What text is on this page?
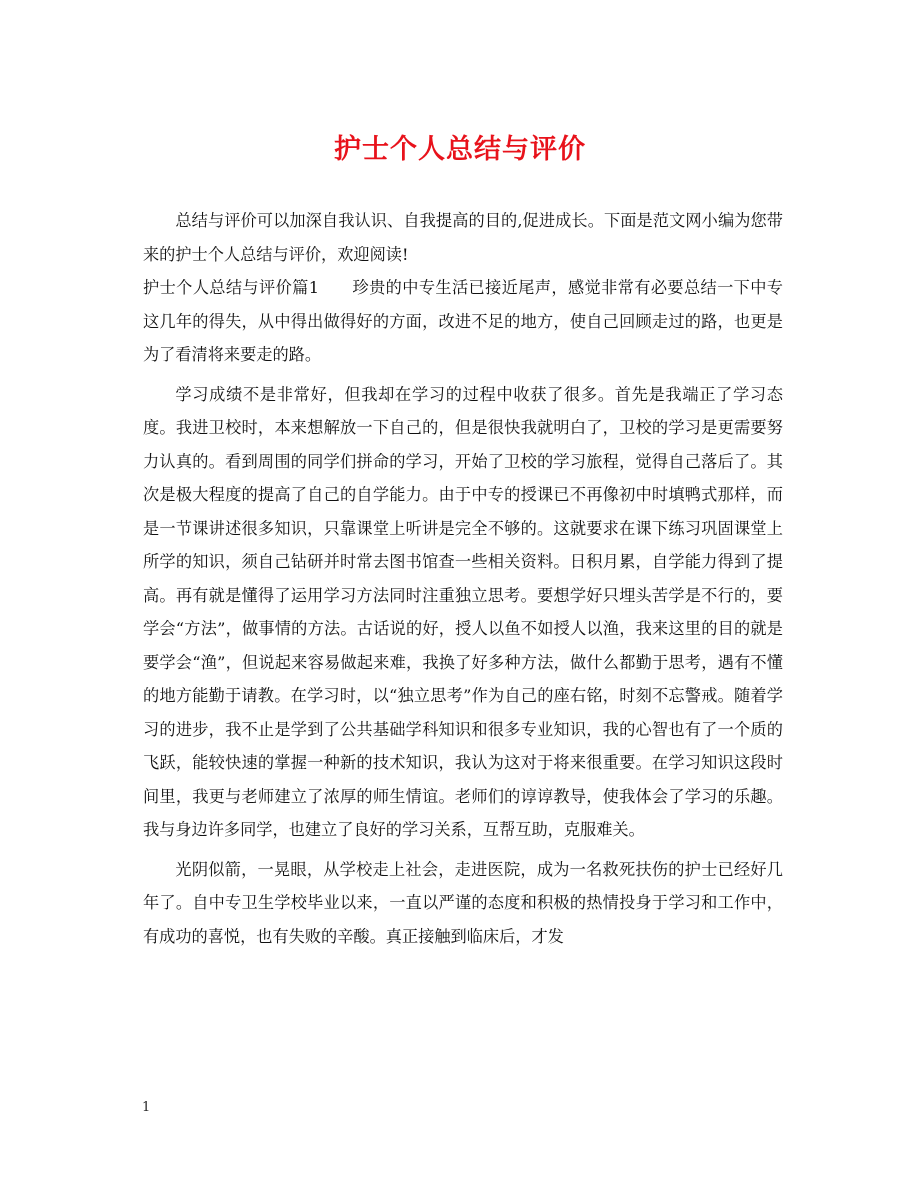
护士个人总结与评价

总结与评价可以加深自我认识、自我提高的目的,促进成长。下面是范文网小编为您带来的护士个人总结与评价，欢迎阅读!

护士个人总结与评价篇1　　珍贵的中专生活已接近尾声，感觉非常有必要总结一下中专这几年的得失，从中得出做得好的方面，改进不足的地方，使自己回顾走过的路，也更是为了看清将来要走的路。

学习成绩不是非常好，但我却在学习的过程中收获了很多。首先是我端正了学习态度。我进卫校时，本来想解放一下自己的，但是很快我就明白了，卫校的学习是更需要努力认真的。看到周围的同学们拼命的学习，开始了卫校的学习旅程，觉得自己落后了。其次是极大程度的提高了自己的自学能力。由于中专的授课已不再像初中时填鸭式那样，而是一节课讲述很多知识，只靠课堂上听讲是完全不够的。这就要求在课下练习巩固课堂上所学的知识，须自己钻研并时常去图书馆查一些相关资料。日积月累，自学能力得到了提高。再有就是懂得了运用学习方法同时注重独立思考。要想学好只埋头苦学是不行的，要学会“方法”，做事情的方法。古话说的好，授人以鱼不如授人以渔，我来这里的目的就是要学会“渔”，但说起来容易做起来难，我换了好多种方法，做什么都勤于思考，遇有不懂的地方能勤于请教。在学习时，以“独立思考”作为自己的座右铭，时刻不忘警戒。随着学习的进步，我不止是学到了公共基础学科知识和很多专业知识，我的心智也有了一个质的飞跃，能较快速的掌握一种新的技术知识，我认为这对于将来很重要。在学习知识这段时间里，我更与老师建立了浓厚的师生情谊。老师们的谆谆教导，使我体会了学习的乐趣。我与身边许多同学，也建立了良好的学习关系，互帮互助，克服难关。

光阴似箭，一晃眼，从学校走上社会，走进医院，成为一名救死扶伤的护士已经好几年了。自中专卫生学校毕业以来，一直以严谨的态度和积极的热情投身于学习和工作中，有成功的喜悦，也有失败的辛酸。真正接触到临床后，才发

1
